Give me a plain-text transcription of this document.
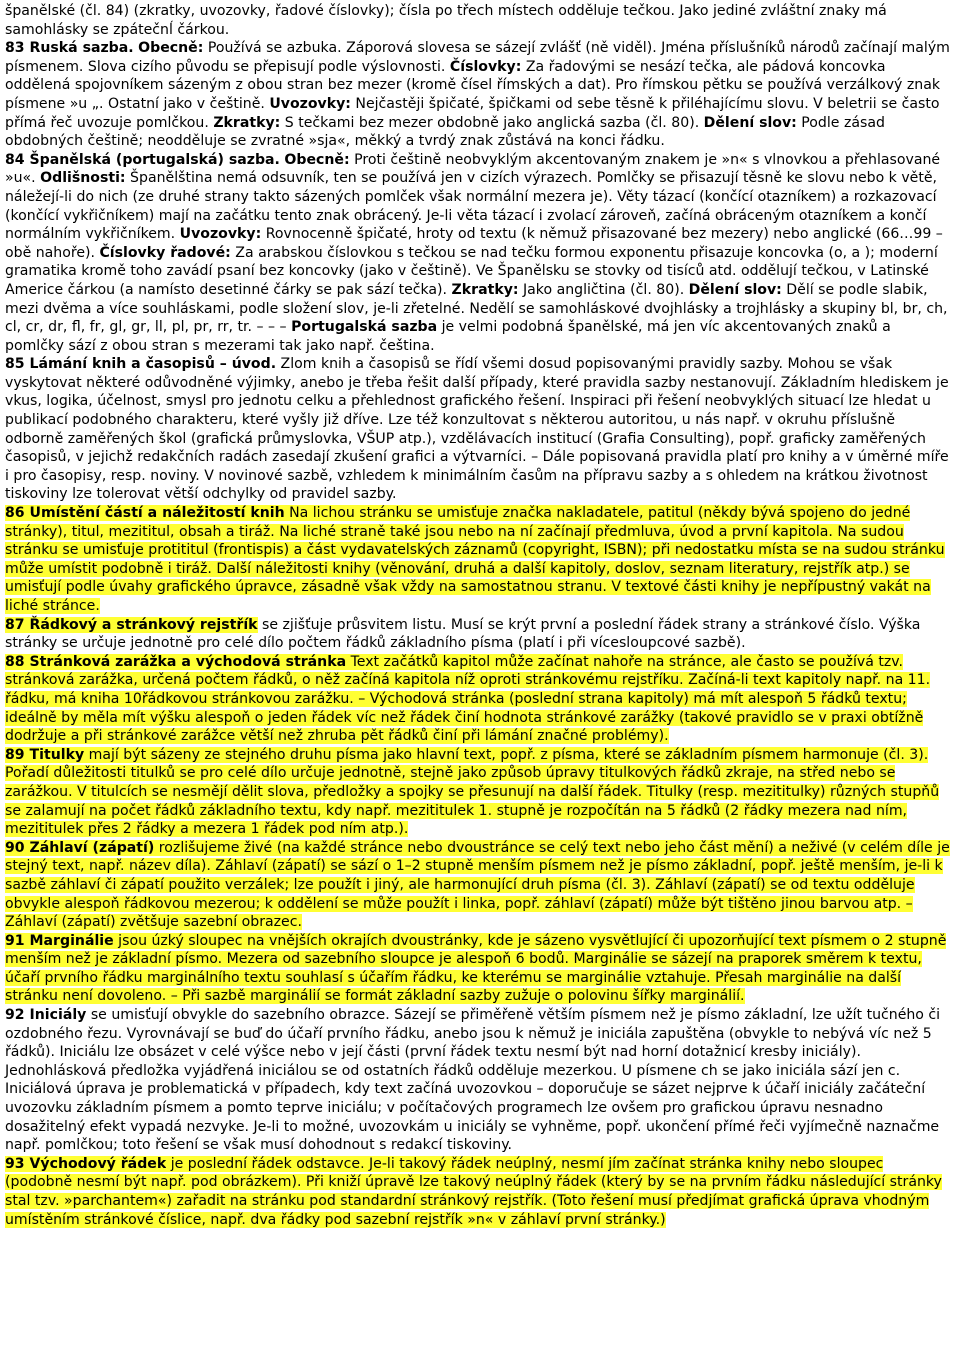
španělské (čl. 84) (zkratky, uvozovky, řadové číslovky); čísla po třech místech odděluje tečkou. Jako jediné zvláštní znaky má samohlásky se zpátečnĺ čárkou.

83 Ruská sazba. Obecně: Používá se azbuka. Záporová slovesa se sázejí zvlášť (ně viděl). Jména příslušníků národů začínají malým písmenem. Slova cizího původu se přepisují podle výslovnosti. Číslovky: Za řadovými se nesází tečka, ale pádová koncovka oddělená spojovníkem sázeným z obou stran bez mezer (kromě čísel římských a dat). Pro římskou pětku se používá verzálkový znak písmene »u „. Ostatní jako v češtině. Uvozovky: Nejčastěji špičaté, špičkami od sebe těsně k přiléhajícímu slovu. V beletrii se často přímá řeč uvozuje pomlčkou. Zkratky: S tečkami bez mezer obdobně jako anglická sazba (čl. 80). Dělení slov: Podle zásad obdobných češtině; neodděluje se zvratné »sja«, měkký a tvrdý znak zůstává na konci řádku.

84 Španělská (portugalská) sazba. Obecně: Proti češtině neobvyklým akcentovaným znakem je »n« s vlnovkou a přehlasované »u«. Odlišnosti: Španělština nemá odsuvník, ten se používá jen v cizích výrazech. Pomlčky se přisazují těsně ke slovu nebo k větě, náležejí-li do nich (ze druhé strany takto sázených pomlček však normální mezera je). Věty tázací (končící otazníkem) a rozkazovací (končící vykřičníkem) mají na začátku tento znak obrácený. Je-li věta tázací i zvolací zároveň, začíná obráceným otazníkem a končí normálním vykřičníkem. Uvozovky: Rovnocenně špičaté, hroty od textu (k němuž přisazované bez mezery) nebo anglické (66…99 – obě nahoře). Číslovky řadové: Za arabskou číslovkou s tečkou se nad tečku formou exponentu přisazuje koncovka (o, a ); moderní gramatika kromě toho zavádí psaní bez koncovky (jako v češtině). Ve Španělsku se stovky od tisíců atd. oddělují tečkou, v Latinské Americe čárkou (a namísto desetinné čárky se pak sází tečka). Zkratky: Jako angličtina (čl. 80). Dělení slov: Dělí se podle slabik, mezi dvěma a více souhláskami, podle složení slov, je-li zřetelné. Nedělí se samohláskové dvojhlásky a trojhlásky a skupiny bl, br, ch, cl, cr, dr, fl, fr, gl, gr, ll, pl, pr, rr, tr. – – – Portugalská sazba je velmi podobná španělské, má jen víc akcentovaných znaků a pomlčky sází z obou stran s mezerami tak jako např. čeština.

85 Lámání knih a časopisů – úvod. Zlom knih a časopisů se řídí všemi dosud popisovanými pravidly sazby. Mohou se však vyskytovat některé odůvodněné výjimky, anebo je třeba řešit další případy, které pravidla sazby nestanovují. Základním hlediskem je vkus, logika, účelnost, smysl pro jednotu celku a přehlednost grafického řešení. Inspiraci při řešení neobvyklých situací lze hledat u publikací podobného charakteru, které vyšly již dříve. Lze též konzultovat s některou autoritou, u nás např. v okruhu příslušně odborně zaměřených škol (grafická průmyslovka, VŠUP atp.), vzdělávacích institucí (Grafia Consulting), popř. graficky zaměřených časopisů, v jejichž redakčních radách zasedají zkušení grafici a výtvarníci. – Dále popisovaná pravidla platí pro knihy a v úměrné míře i pro časopisy, resp. noviny. V novinové sazbě, vzhledem k minimálním časům na přípravu sazby a s ohledem na krátkou životnost tiskoviny lze tolerovat větší odchylky od pravidel sazby.

86 Umístění částí a náležitostí knih Na lichou stránku se umisťuje značka nakladatele, patitul (někdy bývá spojeno do jedné stránky), titul, mezititul, obsah a tiráž. Na liché straně také jsou nebo na ní začínají předmluva, úvod a první kapitola. Na sudou stránku se umisťuje protititul (frontispis) a část vydavatelských záznamů (copyright, ISBN); při nedostatku místa se na sudou stránku může umístit podobně i tiráž. Další náležitosti knihy (věnování, druhá a další kapitoly, doslov, seznam literatury, rejstřík atp.) se umisťují podle úvahy grafického úpravce, zásadně však vždy na samostatnou stranu. V textové části knihy je nepřípustný vakát na liché stránce.

87 Řádkový a stránkový rejstřík se zjišťuje průsvitem listu. Musí se krýt první a poslední řádek strany a stránkové číslo. Výška stránky se určuje jednotně pro celé dílo počtem řádků základního písma (platí i při vícesloupcové sazbě).

88 Stránková zarážka a východová stránka Text začátků kapitol může začínat nahoře na stránce, ale často se používá tzv. stránková zarážka, určená počtem řádků, o něž začíná kapitola níž oproti stránkovému rejstříku. Začíná-li text kapitoly např. na 11. řádku, má kniha 10řádkovou stránkovou zarážku. – Východová stránka (poslední strana kapitoly) má mít alespoň 5 řádků textu; ideálně by měla mít výšku alespoň o jeden řádek víc než řádek činí hodnota stránkové zarážky (takové pravidlo se v praxi obtížně dodržuje a při stránkové zarážce větší než zhruba pět řádků činí při lámání značné problémy).

89 Titulky mají být sázeny ze stejného druhu písma jako hlavní text, popř. z písma, které se základním písmem harmonuje (čl. 3). Pořadí důležitosti titulků se pro celé dílo určuje jednotně, stejně jako způsob úpravy titulkových řádků zkraje, na střed nebo se zarážkou. V titulcích se nesmějí dělit slova, předložky a spojky se přesunují na další řádek. Titulky (resp. mezititulky) různých stupňů se zalamují na počet řádků základního textu, kdy např. mezititulek 1. stupně je rozpočítán na 5 řádků (2 řádky mezera nad ním, mezititulek přes 2 řádky a mezera 1 řádek pod ním atp.).

90 Záhlaví (zápatí) rozlišujeme živé (na každé stránce nebo dvoustránce se celý text nebo jeho část mění) a neživé (v celém díle je stejný text, např. název díla). Záhlaví (zápatí) se sází o 1–2 stupně menším písmem než je písmo základní, popř. ještě menším, je-li k sazbě záhlaví či zápatí použito verzálek; lze použít i jiný, ale harmonující druh písma (čl. 3). Záhlaví (zápatí) se od textu odděluje obvykle alespoň řádkovou mezerou; k oddělení se může použít i linka, popř. záhlaví (zápatí) může být tištěno jinou barvou atp. – Záhlaví (zápatí) zvětšuje sazební obrazec.

91 Marginálie jsou úzký sloupec na vnějších okrajích dvoustránky, kde je sázeno vysvětlující či upozorňující text písmem o 2 stupně menším než je základní písmo. Mezera od sazebního sloupce je alespoň 6 bodů. Marginálie se sázejí na praporek směrem k textu, účaří prvního řádku marginálního textu souhlasí s účařím řádku, ke kterému se marginálie vztahuje. Přesah marginálie na další stránku není dovoleno. – Při sazbě marginálií se formát základní sazby zužuje o polovinu šířky marginálií.

92 Iniciály se umisťují obvykle do sazebního obrazce. Sázejí se přiměřeně větším písmem než je písmo základní, lze užít tučného či ozdobného řezu. Vyrovnávají se buď do účaří prvního řádku, anebo jsou k němuž je iniciála zapuštěna (obvykle to nebývá víc než 5 řádků). Iniciálu lze obsázet v celé výšce nebo v její části (první řádek textu nesmí být nad horní dotažnicí kresby iniciály). Jednohlásková předložka vyjádřená iniciálou se od ostatních řádků odděluje mezerkou. U písmene ch se jako iniciála sází jen c. Iniciálová úprava je problematická v případech, kdy text začíná uvozovkou – doporučuje se sázet nejprve k účaří iniciály začáteční uvozovku základním písmem a pomto teprve iniciálu; v počítačových programech lze ovšem pro grafickou úpravu nesnadno dosažitelný efekt vypadá nezvyke. Je-li to možné, uvozovkám u iniciály se vyhněme, popř. ukončení přímé řeči vyjímečně naznačme např. pomlčkou; toto řešení se však musí dohodnout s redakcí tiskoviny.

93 Východový řádek je poslední řádek odstavce. Je-li takový řádek neúplný, nesmí jím začínat stránka knihy nebo sloupec (podobně nesmí být např. pod obrázkem). Při kniží úpravě lze takový neúplný řádek (který by se na prvním řádku následující stránky stal tzv. »parchantem«) zařadit na stránku pod standardní stránkový rejstřík. (Toto řešení musí předjímat grafická úprava vhodným umístěním stránkové číslice, např. dva řádky pod sazební rejstřík »n« v záhlaví první stránky.)
